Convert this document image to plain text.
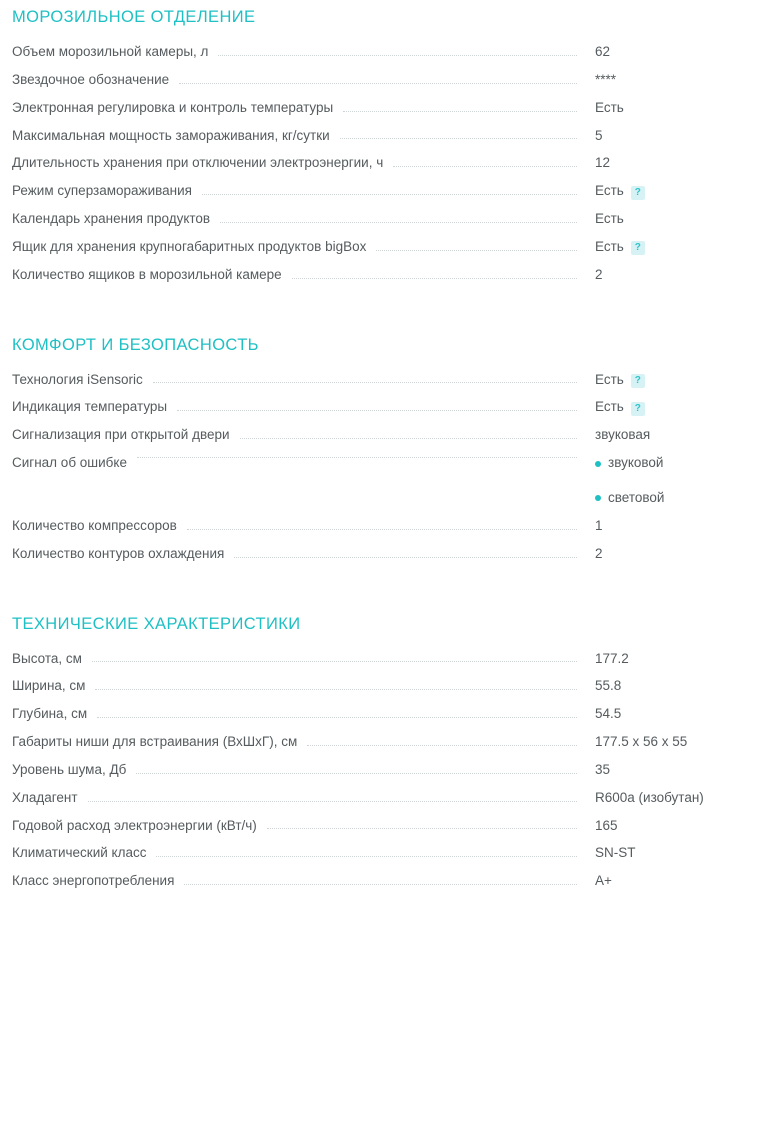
МОРОЗИЛЬНОЕ ОТДЕЛЕНИЕ
Объем морозильной камеры, л	62
Звездочное обозначение	****
Электронная регулировка и контроль температуры	Есть
Максимальная мощность замораживания, кг/сутки	5
Длительность хранения при отключении электроэнергии, ч	12
Режим суперзамораживания	Есть	?
Календарь хранения продуктов	Есть
Ящик для хранения крупногабаритных продуктов bigBox	Есть	?
Количество ящиков в морозильной камере	2
КОМФОРТ И БЕЗОПАСНОСТЬ
Технология iSensoric	Есть	?
Индикация температуры	Есть	?
Сигнализация при открытой двери	звуковая
Сигнал об ошибке	звуковой
световой
Количество компрессоров	1
Количество контуров охлаждения	2
ТЕХНИЧЕСКИЕ ХАРАКТЕРИСТИКИ
Высота, см	177.2
Ширина, см	55.8
Глубина, см	54.5
Габариты ниши для встраивания (ВхШхГ), см	177.5 x 56 x 55
Уровень шума, Дб	35
Хладагент	R600a (изобутан)
Годовой расход электроэнергии (кВт/ч)	165
Климатический класс	SN-ST
Класс энергопотребления	A+
